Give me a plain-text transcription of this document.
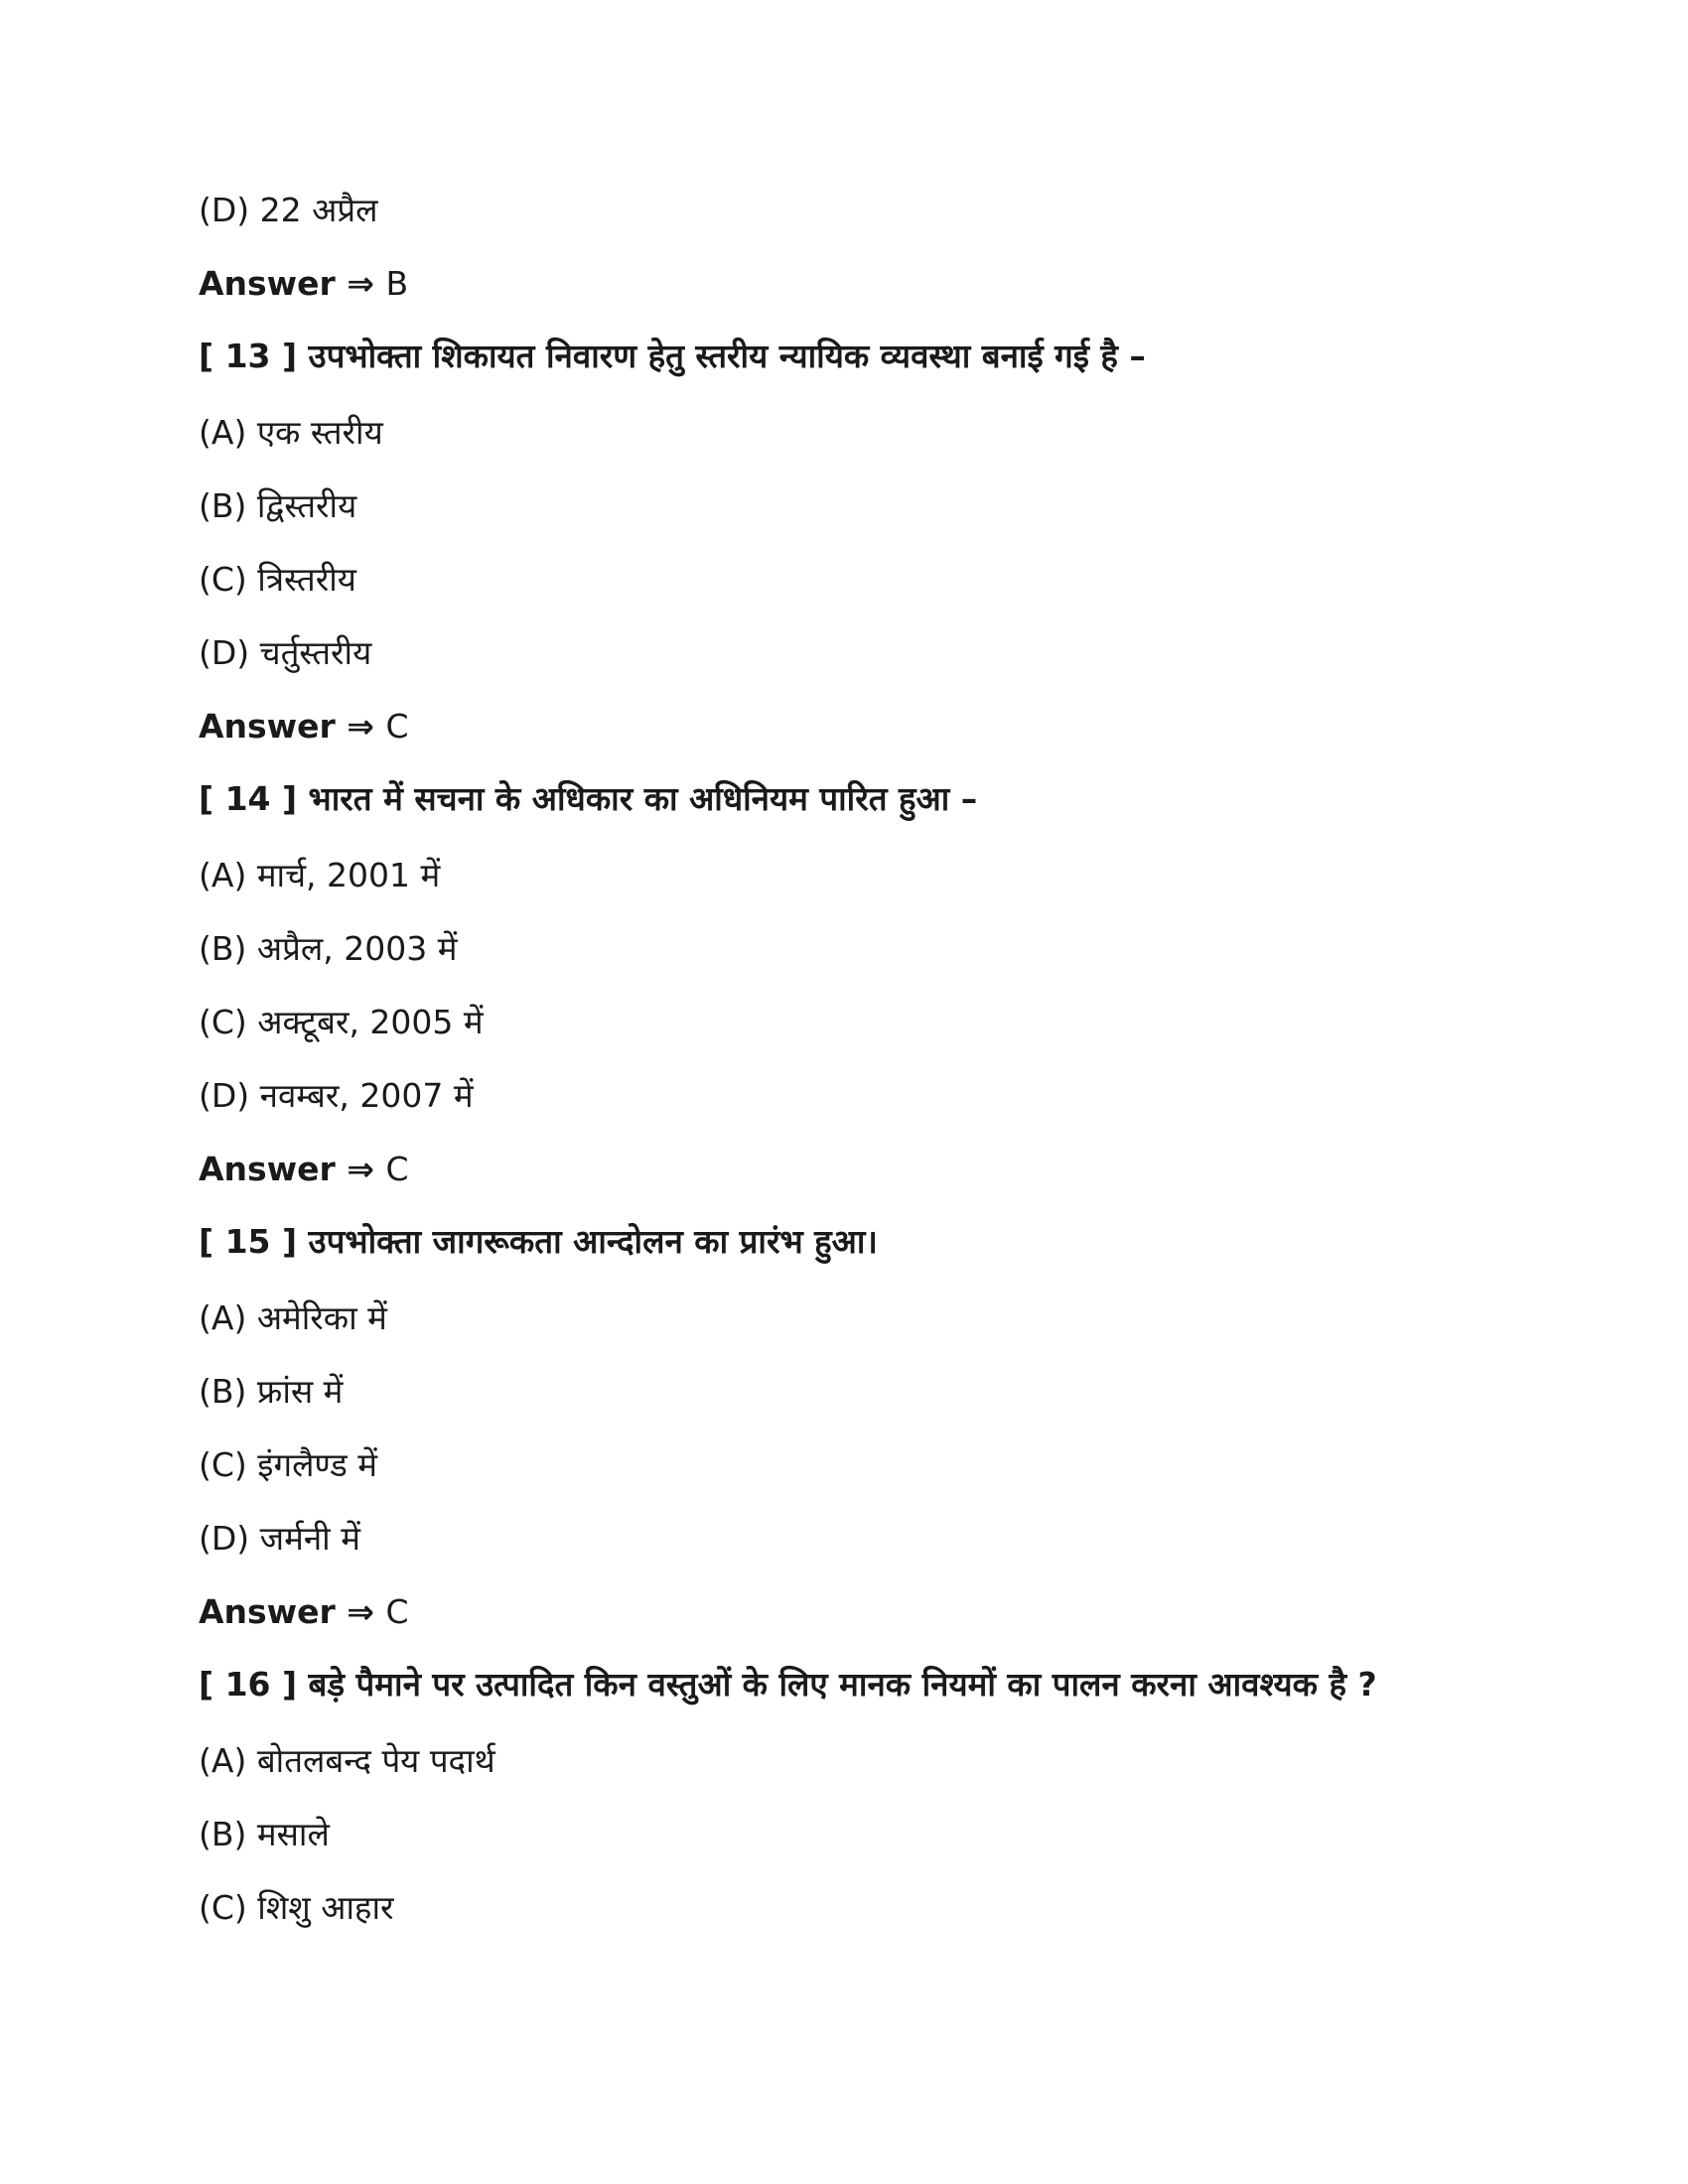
(D) 22 अप्रैल
Answer ⇒ B
[ 13 ] उपभोक्ता शिकायत निवारण हेतु स्तरीय न्यायिक व्यवस्था बनाई गई है –
(A) एक स्तरीय
(B) द्विस्तरीय
(C) त्रिस्तरीय
(D) चर्तुस्तरीय
Answer ⇒ C
[ 14 ] भारत में सचना के अधिकार का अधिनियम पारित हुआ –
(A) मार्च, 2001 में
(B) अप्रैल, 2003 में
(C) अक्टूबर, 2005 में
(D) नवम्बर, 2007 में
Answer ⇒ C
[ 15 ] उपभोक्ता जागरूकता आन्दोलन का प्रारंभ हुआ।
(A) अमेरिका में
(B) फ्रांस में
(C) इंगलैण्ड में
(D) जर्मनी में
Answer ⇒ C
[ 16 ] बड़े पैमाने पर उत्पादित किन वस्तुओं के लिए मानक नियमों का पालन करना आवश्यक है ?
(A) बोतलबन्द पेय पदार्थ
(B) मसाले
(C) शिशु आहार
